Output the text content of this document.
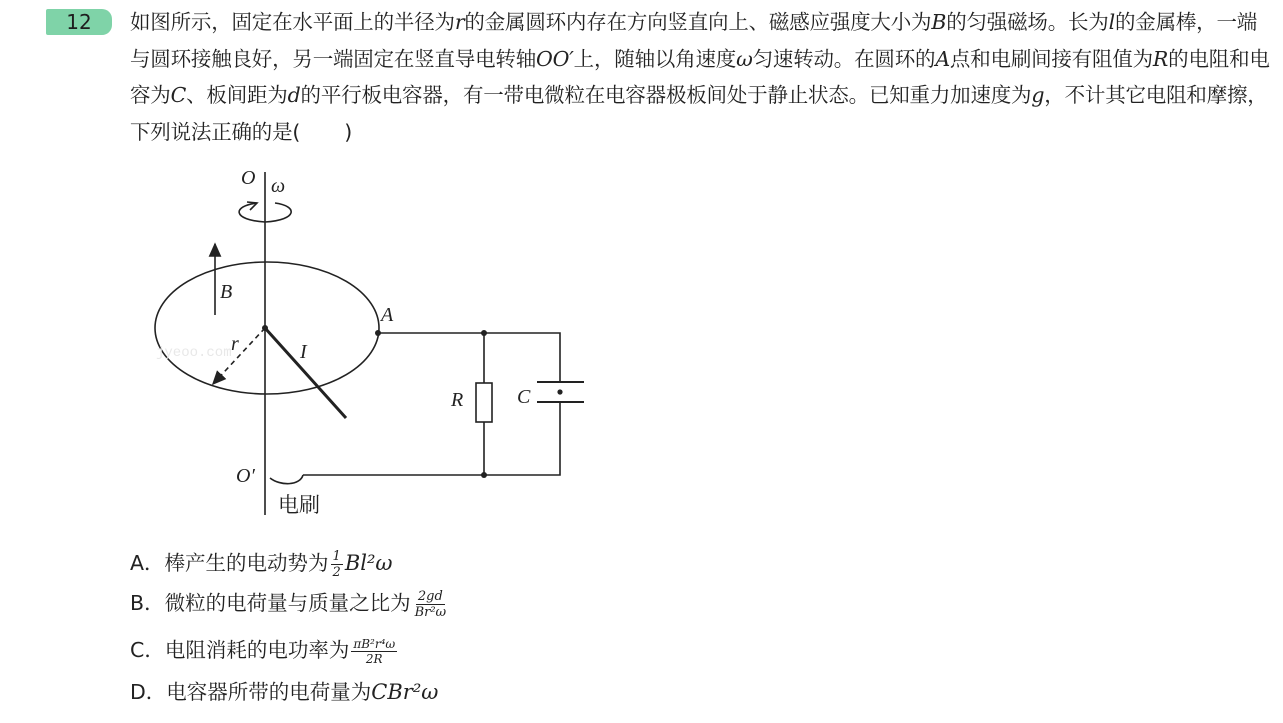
12	如图所示，固定在水平面上的半径为r的金属圆环内存在方向竖直向上、磁感应强度大小为B的匀强磁场。长为l的金属棒，一端与圆环接触良好，另一端固定在竖直导电转轴OO′上，随轴以角速度ω匀速转动。在圆环的A点和电刷间接有阻值为R的电阻和电容为C、板间距为d的平行板电容器，有一带电微粒在电容器极板间处于静止状态。已知重力加速度为g，不计其它电阻和摩擦，下列说法正确的是( )
jyeoo.com
O ω
B
r	I
A
R	C
O′
电刷
A．棒产生的电动势为 $\frac{1}{2} Bl^2\omega$
B．微粒的电荷量与质量之比为 $\frac{2gd}{\text{Br²ω}}$
C．电阻消耗的电功率为 $\frac{\text{πB²r⁴ω}}{2R}$
D．电容器所带的电荷量为CBr²ω
